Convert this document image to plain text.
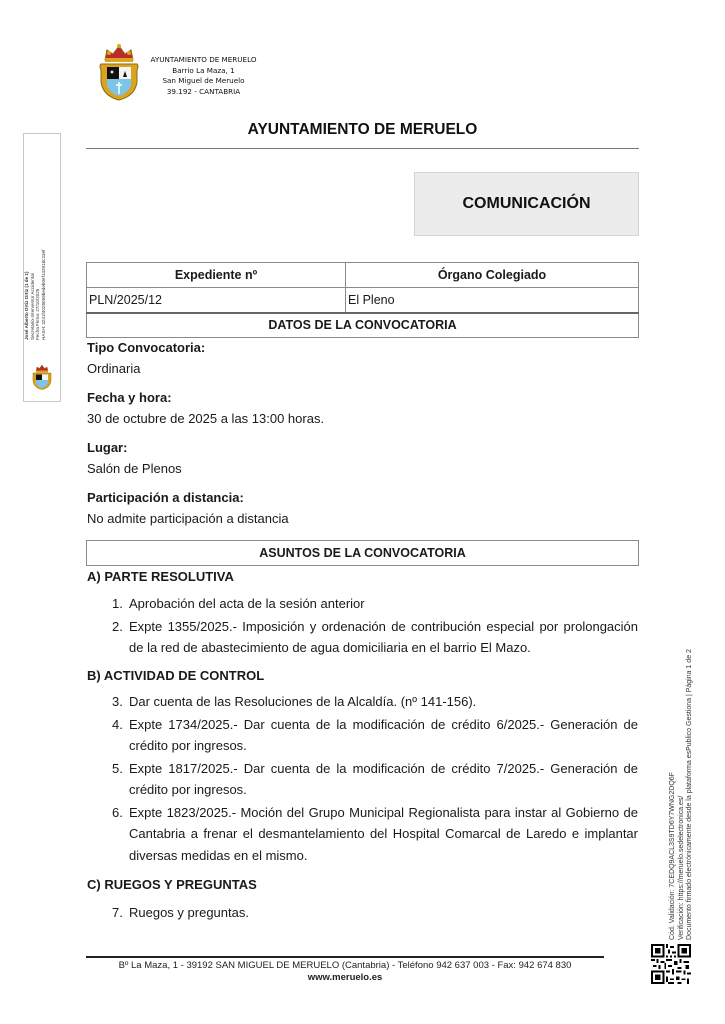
AYUNTAMIENTO DE MERUELO
Barrio La Maza, 1
San Miguel de Meruelo
39.192 - CANTABRIA
AYUNTAMIENTO DE MERUELO
COMUNICACIÓN
Expediente nº	Órgano Colegiado
PLN/2025/12	El Pleno
DATOS DE LA CONVOCATORIA	
Tipo Convocatoria:
Ordinaria
Fecha y hora:
30 de octubre de 2025 a las 13:00 horas.
Lugar:
Salón de Plenos
Participación a distancia:
No admite participación a distancia
ASUNTOS DE LA CONVOCATORIA
A) PARTE RESOLUTIVA
1. Aprobación del acta de la sesión anterior
2. Expte 1355/2025.- Imposición y ordenación de contribución especial por prolongación de la red de abastecimiento de agua domiciliaria en el barrio El Mazo.
B) ACTIVIDAD DE CONTROL
3. Dar cuenta de las Resoluciones de la Alcaldía. (nº 141-156).
4. Expte 1734/2025.- Dar cuenta de la modificación de crédito 6/2025.- Generación de crédito por ingresos.
5. Expte 1817/2025.- Dar cuenta de la modificación de crédito 7/2025.- Generación de crédito por ingresos.
6. Expte 1823/2025.- Moción del Grupo Municipal Regionalista para instar al Gobierno de Cantabria a frenar el desmantelamiento del Hospital Comarcal de Laredo e implantar diversas medidas en el mismo.
C) RUEGOS Y PREGUNTAS
7. Ruegos y preguntas.
Bº La Maza, 1 - 39192 SAN MIGUEL DE MERUELO (Cantabria) - Teléfono 942 637 003 - Fax: 942 674 830
www.meruelo.es
José Alberto Ortiz Ortiz (1 de 1) Secretario-Interventor Accidental Fecha Firma: 27/10/2025 HASH: 3241f4028059bedeb0ef142918c23ef
Cód. Validación: 7CEDQ9ACL3S9TD6Y7WNG2DQ6F Verificación: https://meruelo.sedelectronica.es/ Documento firmado electrónicamente desde la plataforma esPublico Gestiona | Página 1 de 2
